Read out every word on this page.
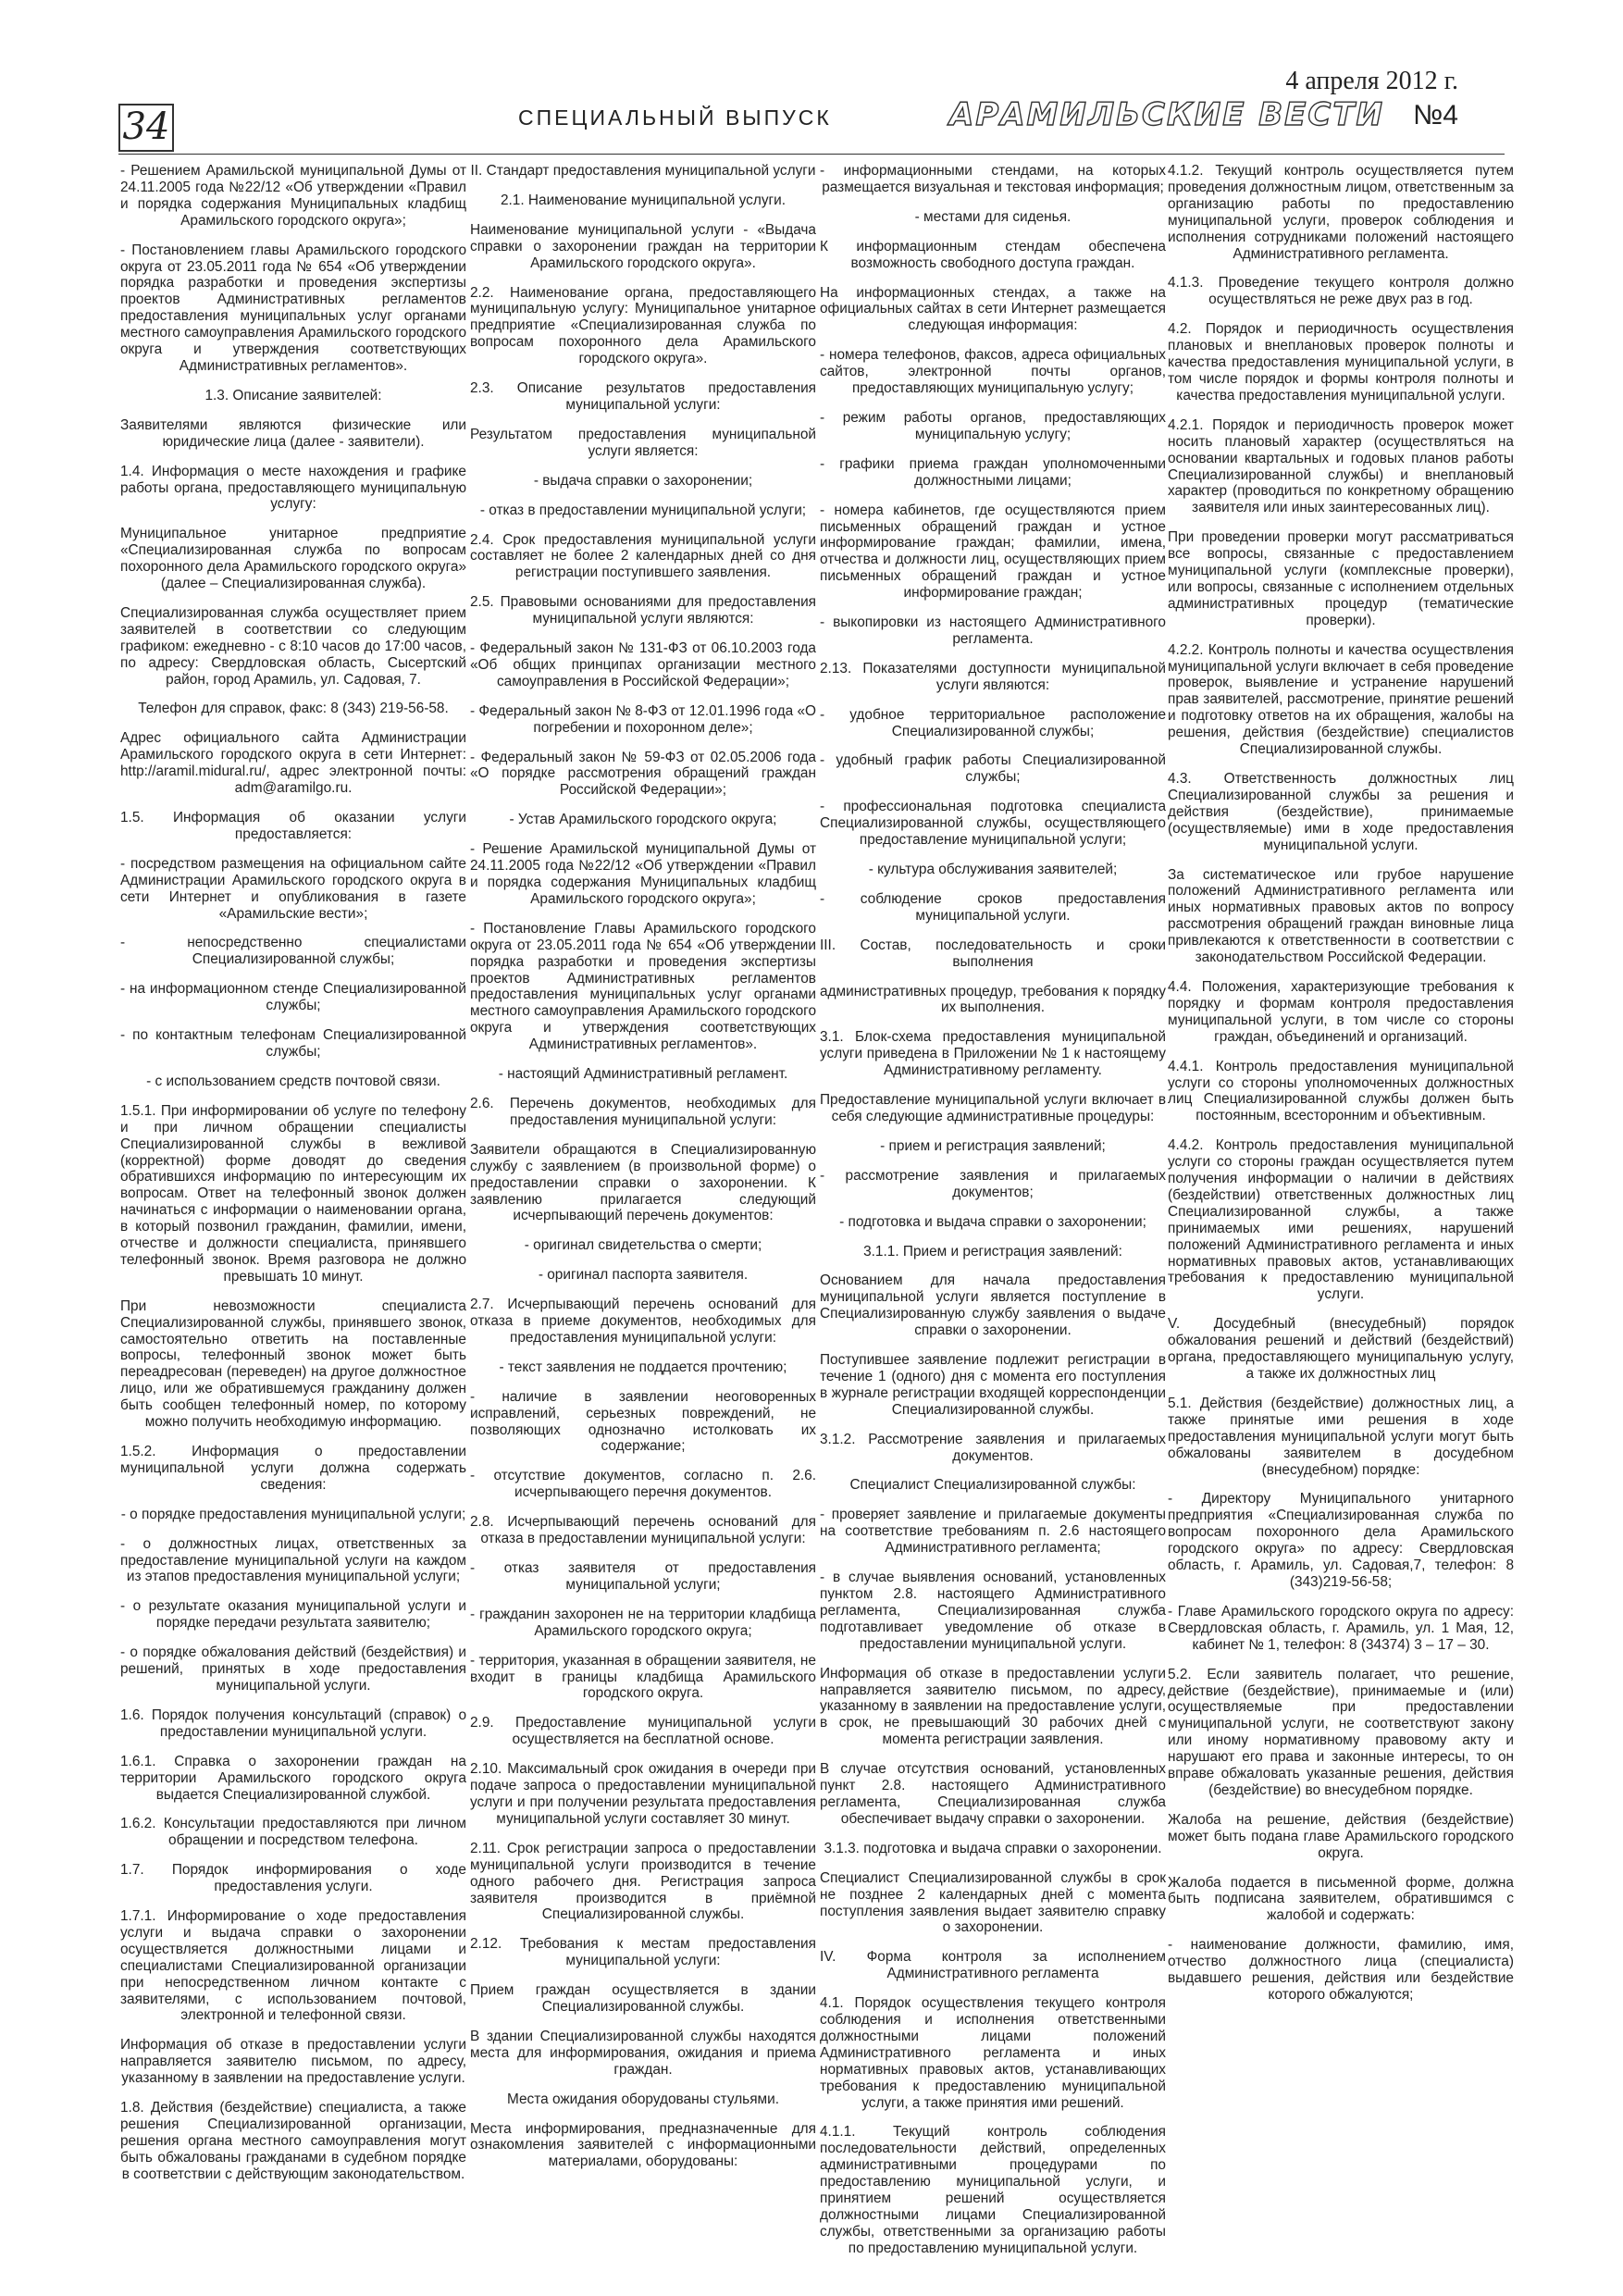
34	СПЕЦИАЛЬНЫЙ ВЫПУСК
4 апреля 2012 г.
АРАМИЛЬСКИЕ ВЕСТИ №4

- Решением Арамильской муниципальной Думы от 24.11.2005 года №22/12 «Об утверждении «Правил и порядка содержания Муниципальных кладбищ Арамильского городского округа»;

- Постановлением главы Арамильского городского округа от 23.05.2011 года № 654 «Об утверждении порядка разработки и проведения экспертизы проектов Административных регламентов предоставления муниципальных услуг органами местного самоуправления Арамильского городского округа и утверждения соответствующих Административных регламентов».

1.3. Описание заявителей:

Заявителями являются физические или юридические лица (далее - заявители).

1.4. Информация о месте нахождения и графике работы органа, предоставляющего муниципальную услугу:

Муниципальное унитарное предприятие «Специализированная служба по вопросам похоронного дела Арамильского городского округа» (далее – Специализированная служба).

Специализированная служба осуществляет прием заявителей в соответствии со следующим графиком: ежедневно - с 8:10 часов до 17:00 часов, по адресу: Свердловская область, Сысертский район, город Арамиль, ул. Садовая, 7.

Телефон для справок, факс: 8 (343) 219-56-58.

Адрес официального сайта Администрации Арамильского городского округа в сети Интернет: http://aramil.midural.ru/, адрес электронной почты: adm@aramilgo.ru.

1.5. Информация об оказании услуги предоставляется:

- посредством размещения на официальном сайте Администрации Арамильского городского округа в сети Интернет и опубликования в газете «Арамильские вести»;

- непосредственно специалистами Специализированной службы;

- на информационном стенде Специализированной службы;

- по контактным телефонам Специализированной службы;

- с использованием средств почтовой связи.

1.5.1. При информировании об услуге по телефону и при личном обращении специалисты Специализированной службы в вежливой (корректной) форме доводят до сведения обратившихся информацию по интересующим их вопросам. Ответ на телефонный звонок должен начинаться с информации о наименовании органа, в который позвонил гражданин, фамилии, имени, отчестве и должности специалиста, принявшего телефонный звонок. Время разговора не должно превышать 10 минут.

При невозможности специалиста Специализированной службы, принявшего звонок, самостоятельно ответить на поставленные вопросы, телефонный звонок может быть переадресован (переведен) на другое должностное лицо, или же обратившемуся гражданину должен быть сообщен телефонный номер, по которому можно получить необходимую информацию.

1.5.2. Информация о предоставлении муниципальной услуги должна содержать сведения:

- о порядке предоставления муниципальной услуги;

- о должностных лицах, ответственных за предоставление муниципальной услуги на каждом из этапов предоставления муниципальной услуги;

- о результате оказания муниципальной услуги и порядке передачи результата заявителю;

- о порядке обжалования действий (бездействия) и решений, принятых в ходе предоставления муниципальной услуги.

1.6. Порядок получения консультаций (справок) о предоставлении муниципальной услуги.

1.6.1. Справка о захоронении граждан на территории Арамильского городского округа выдается Специализированной службой.

1.6.2. Консультации предоставляются при личном обращении и посредством телефона.

1.7. Порядок информирования о ходе предоставления услуги.

1.7.1. Информирование о ходе предоставления услуги и выдача справки о захоронении осуществляется должностными лицами и специалистами Специализированной организации при непосредственном личном контакте с заявителями, с использованием почтовой, электронной и телефонной связи.

Информация об отказе в предоставлении услуги направляется заявителю письмом, по адресу, указанному в заявлении на предоставление услуги.

1.8. Действия (бездействие) специалиста, а также решения Специализированной организации, решения органа местного самоуправления могут быть обжалованы гражданами в судебном порядке в соответствии с действующим законодательством.

II. Стандарт предоставления муниципальной услуги

2.1. Наименование муниципальной услуги.

Наименование муниципальной услуги - «Выдача справки о захоронении граждан на территории Арамильского городского округа».

2.2. Наименование органа, предоставляющего муниципальную услугу: Муниципальное унитарное предприятие «Специализированная служба по вопросам похоронного дела Арамильского городского округа».

2.3. Описание результатов предоставления муниципальной услуги:

Результатом предоставления муниципальной услуги является:

- выдача справки о захоронении;

- отказ в предоставлении муниципальной услуги;

2.4. Срок предоставления муниципальной услуги составляет не более 2 календарных дней со дня регистрации поступившего заявления.

2.5. Правовыми основаниями для предоставления муниципальной услуги являются:

- Федеральный закон № 131-ФЗ от 06.10.2003 года «Об общих принципах организации местного самоуправления в Российской Федерации»;

- Федеральный закон № 8-ФЗ от 12.01.1996 года «О погребении и похоронном деле»;

- Федеральный закон № 59-ФЗ от 02.05.2006 года «О порядке рассмотрения обращений граждан Российской Федерации»;

- Устав Арамильского городского округа;

- Решение Арамильской муниципальной Думы от 24.11.2005 года №22/12 «Об утверждении «Правил и порядка содержания Муниципальных кладбищ Арамильского городского округа»;

- Постановление Главы Арамильского городского округа от 23.05.2011 года № 654 «Об утверждении порядка разработки и проведения экспертизы проектов Административных регламентов предоставления муниципальных услуг органами местного самоуправления Арамильского городского округа и утверждения соответствующих Административных регламентов».

- настоящий Административный регламент.

2.6. Перечень документов, необходимых для предоставления муниципальной услуги:

Заявители обращаются в Специализированную службу с заявлением (в произвольной форме) о предоставлении справки о захоронении. К заявлению прилагается следующий исчерпывающий перечень документов:

- оригинал свидетельства о смерти;

- оригинал паспорта заявителя.

2.7. Исчерпывающий перечень оснований для отказа в приеме документов, необходимых для предоставления муниципальной услуги:

- текст заявления не поддается прочтению;

- наличие в заявлении неоговоренных исправлений, серьезных повреждений, не позволяющих однозначно истолковать их содержание;

- отсутствие документов, согласно п. 2.6. исчерпывающего перечня документов.

2.8. Исчерпывающий перечень оснований для отказа в предоставлении муниципальной услуги:

- отказ заявителя от предоставления муниципальной услуги;

- гражданин захоронен не на территории кладбища Арамильского городского округа;

- территория, указанная в обращении заявителя, не входит в границы кладбища Арамильского городского округа.

2.9. Предоставление муниципальной услуги осуществляется на бесплатной основе.

2.10. Максимальный срок ожидания в очереди при подаче запроса о предоставлении муниципальной услуги и при получении результата предоставления муниципальной услуги составляет 30 минут.

2.11. Срок регистрации запроса о предоставлении муниципальной услуги производится в течение одного рабочего дня. Регистрация запроса заявителя производится в приёмной Специализированной службы.

2.12. Требования к местам предоставления муниципальной услуги:

Прием граждан осуществляется в здании Специализированной службы.

В здании Специализированной службы находятся места для информирования, ожидания и приема граждан.

Места ожидания оборудованы стульями.

Места информирования, предназначенные для ознакомления заявителей с информационными материалами, оборудованы:

- информационными стендами, на которых размещается визуальная и текстовая информация;

- местами для сиденья.

К информационным стендам обеспечена возможность свободного доступа граждан.

На информационных стендах, а также на официальных сайтах в сети Интернет размещается следующая информация:

- номера телефонов, факсов, адреса официальных сайтов, электронной почты органов, предоставляющих муниципальную услугу;

- режим работы органов, предоставляющих муниципальную услугу;

- графики приема граждан уполномоченными должностными лицами;

- номера кабинетов, где осуществляются прием письменных обращений граждан и устное информирование граждан; фамилии, имена, отчества и должности лиц, осуществляющих прием письменных обращений граждан и устное информирование граждан;

- выкопировки из настоящего Административного регламента.

2.13. Показателями доступности муниципальной услуги являются:

- удобное территориальное расположение Специализированной службы;

- удобный график работы Специализированной службы;

- профессиональная подготовка специалиста Специализированной службы, осуществляющего предоставление муниципальной услуги;

- культура обслуживания заявителей;

- соблюдение сроков предоставления муниципальной услуги.

III. Состав, последовательность и сроки выполнения

административных процедур, требования к порядку их выполнения.

3.1. Блок-схема предоставления муниципальной услуги приведена в Приложении № 1 к настоящему Административному регламенту.

Предоставление муниципальной услуги включает в себя следующие административные процедуры:

- прием и регистрация заявлений;

- рассмотрение заявления и прилагаемых документов;

- подготовка и выдача справки о захоронении;

3.1.1. Прием и регистрация заявлений:

Основанием для начала предоставления муниципальной услуги является поступление в Специализированную службу заявления о выдаче справки о захоронении.

Поступившее заявление подлежит регистрации в течение 1 (одного) дня с момента его поступления в журнале регистрации входящей корреспонденции Специализированной службы.

3.1.2. Рассмотрение заявления и прилагаемых документов.

Специалист Специализированной службы:

- проверяет заявление и прилагаемые документы на соответствие требованиям п. 2.6 настоящего Административного регламента;

- в случае выявления оснований, установленных пунктом 2.8. настоящего Административного регламента, Специализированная служба подготавливает уведомление об отказе в предоставлении муниципальной услуги.

Информация об отказе в предоставлении услуги направляется заявителю письмом, по адресу, указанному в заявлении на предоставление услуги, в срок, не превышающий 30 рабочих дней с момента регистрации заявления.

В случае отсутствия оснований, установленных пункт 2.8. настоящего Административного регламента, Специализированная служба обеспечивает выдачу справки о захоронении.

3.1.3. подготовка и выдача справки о захоронении.

Специалист Специализированной службы в срок не позднее 2 календарных дней с момента поступления заявления выдает заявителю справку о захоронении.

IV. Форма контроля за исполнением Административного регламента

4.1. Порядок осуществления текущего контроля соблюдения и исполнения ответственными должностными лицами положений Административного регламента и иных нормативных правовых актов, устанавливающих требования к предоставлению муниципальной услуги, а также принятия ими решений.

4.1.1. Текущий контроль соблюдения последовательности действий, определенных административными процедурами по предоставлению муниципальной услуги, и принятием решений осуществляется должностными лицами Специализированной службы, ответственными за организацию работы по предоставлению муниципальной услуги.

4.1.2. Текущий контроль осуществляется путем проведения должностным лицом, ответственным за организацию работы по предоставлению муниципальной услуги, проверок соблюдения и исполнения сотрудниками положений настоящего Административного регламента.

4.1.3. Проведение текущего контроля должно осуществляться не реже двух раз в год.

4.2. Порядок и периодичность осуществления плановых и внеплановых проверок полноты и качества предоставления муниципальной услуги, в том числе порядок и формы контроля полноты и качества предоставления муниципальной услуги.

4.2.1. Порядок и периодичность проверок может носить плановый характер (осуществляться на основании квартальных и годовых планов работы Специализированной службы) и внеплановый характер (проводиться по конкретному обращению заявителя или иных заинтересованных лиц).

При проведении проверки могут рассматриваться все вопросы, связанные с предоставлением муниципальной услуги (комплексные проверки), или вопросы, связанные с исполнением отдельных административных процедур (тематические проверки).

4.2.2. Контроль полноты и качества осуществления муниципальной услуги включает в себя проведение проверок, выявление и устранение нарушений прав заявителей, рассмотрение, принятие решений и подготовку ответов на их обращения, жалобы на решения, действия (бездействие) специалистов Специализированной службы.

4.3. Ответственность должностных лиц Специализированной службы за решения и действия (бездействие), принимаемые (осуществляемые) ими в ходе предоставления муниципальной услуги.

За систематическое или грубое нарушение положений Административного регламента или иных нормативных правовых актов по вопросу рассмотрения обращений граждан виновные лица привлекаются к ответственности в соответствии с законодательством Российской Федерации.

4.4. Положения, характеризующие требования к порядку и формам контроля предоставления муниципальной услуги, в том числе со стороны граждан, объединений и организаций.

4.4.1. Контроль предоставления муниципальной услуги со стороны уполномоченных должностных лиц Специализированной службы должен быть постоянным, всесторонним и объективным.

4.4.2. Контроль предоставления муниципальной услуги со стороны граждан осуществляется путем получения информации о наличии в действиях (бездействии) ответственных должностных лиц Специализированной службы, а также принимаемых ими решениях, нарушений положений Административного регламента и иных нормативных правовых актов, устанавливающих требования к предоставлению муниципальной услуги.

V. Досудебный (внесудебный) порядок обжалования решений и действий (бездействий) органа, предоставляющего муниципальную услугу, а также их должностных лиц

5.1. Действия (бездействие) должностных лиц, а также принятые ими решения в ходе предоставления муниципальной услуги могут быть обжалованы заявителем в досудебном (внесудебном) порядке:

- Директору Муниципального унитарного предприятия «Специализированная служба по вопросам похоронного дела Арамильского городского округа» по адресу: Свердловская область, г. Арамиль, ул. Садовая,7, телефон: 8 (343)219-56-58;

- Главе Арамильского городского округа по адресу: Свердловская область, г. Арамиль, ул. 1 Мая, 12, кабинет № 1, телефон: 8 (34374) 3 – 17 – 30.

5.2. Если заявитель полагает, что решение, действие (бездействие), принимаемые и (или) осуществляемые при предоставлении муниципальной услуги, не соответствуют закону или иному нормативному правовому акту и нарушают его права и законные интересы, то он вправе обжаловать указанные решения, действия (бездействие) во внесудебном порядке.

Жалоба на решение, действия (бездействие) может быть подана главе Арамильского городского округа.

Жалоба подается в письменной форме, должна быть подписана заявителем, обратившимся с жалобой и содержать:

- наименование должности, фамилию, имя, отчество должностного лица (специалиста) выдавшего решения, действия или бездействие которого обжалуются;
